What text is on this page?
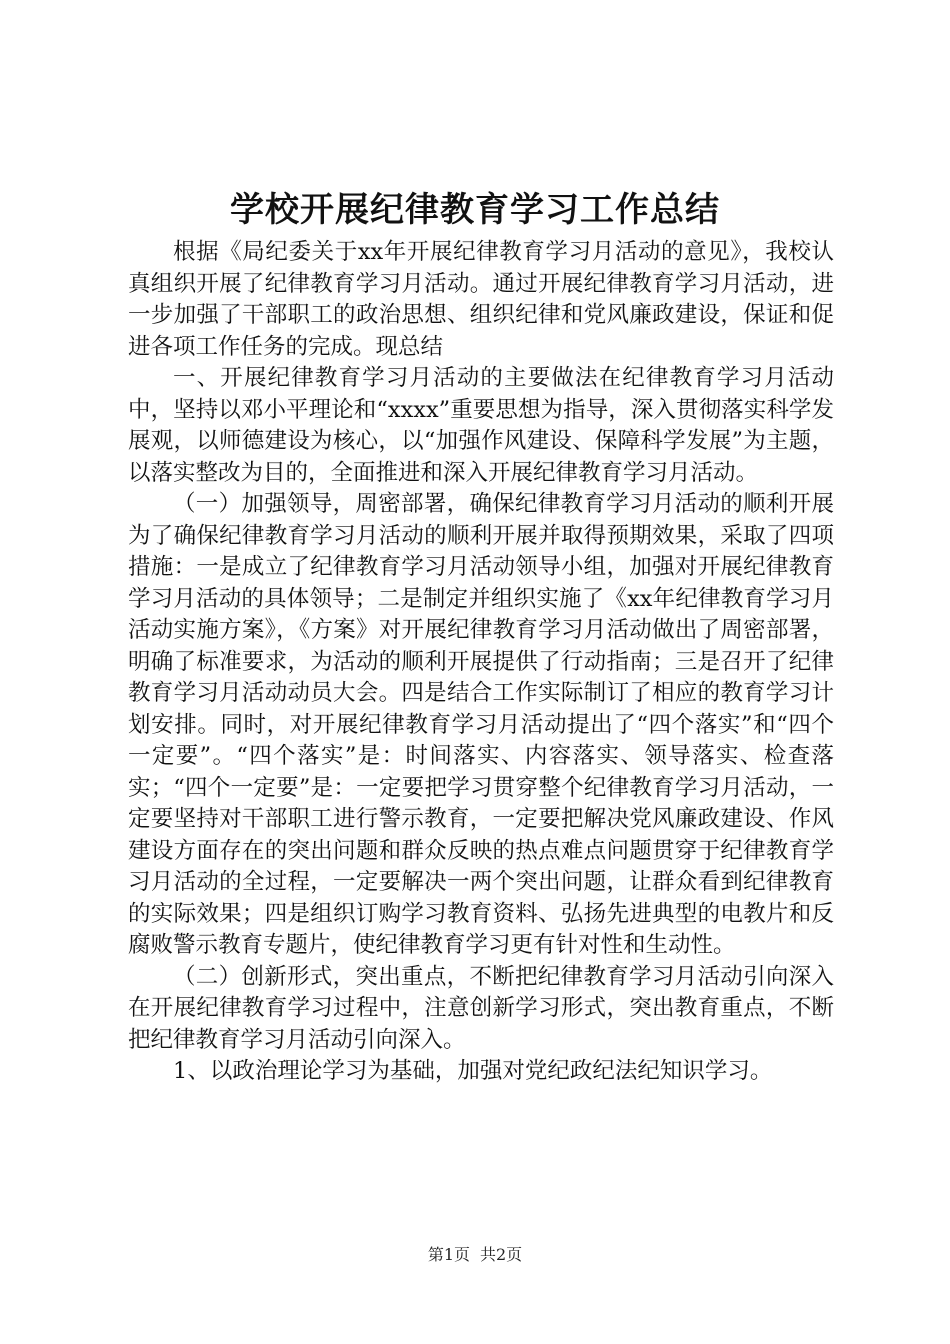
学校开展纪律教育学习工作总结

根据《局纪委关于xx年开展纪律教育学习月活动的意见》，我校认真组织开展了纪律教育学习月活动。通过开展纪律教育学习月活动，进一步加强了干部职工的政治思想、组织纪律和党风廉政建设，保证和促进各项工作任务的完成。现总结

一、开展纪律教育学习月活动的主要做法在纪律教育学习月活动中，坚持以邓小平理论和“xxxx”重要思想为指导，深入贯彻落实科学发展观，以师德建设为核心，以“加强作风建设、保障科学发展”为主题，以落实整改为目的，全面推进和深入开展纪律教育学习月活动。

（一）加强领导，周密部署，确保纪律教育学习月活动的顺利开展为了确保纪律教育学习月活动的顺利开展并取得预期效果，采取了四项措施：一是成立了纪律教育学习月活动领导小组，加强对开展纪律教育学习月活动的具体领导；二是制定并组织实施了《xx年纪律教育学习月活动实施方案》，《方案》对开展纪律教育学习月活动做出了周密部署，明确了标准要求，为活动的顺利开展提供了行动指南；三是召开了纪律教育学习月活动动员大会。四是结合工作实际制订了相应的教育学习计划安排。同时，对开展纪律教育学习月活动提出了“四个落实”和“四个一定要”。“四个落实”是：时间落实、内容落实、领导落实、检查落实；“四个一定要”是：一定要把学习贯穿整个纪律教育学习月活动，一定要坚持对干部职工进行警示教育，一定要把解决党风廉政建设、作风建设方面存在的突出问题和群众反映的热点难点问题贯穿于纪律教育学习月活动的全过程，一定要解决一两个突出问题，让群众看到纪律教育的实际效果；四是组织订购学习教育资料、弘扬先进典型的电教片和反腐败警示教育专题片，使纪律教育学习更有针对性和生动性。

（二）创新形式，突出重点，不断把纪律教育学习月活动引向深入在开展纪律教育学习过程中，注意创新学习形式，突出教育重点，不断把纪律教育学习月活动引向深入。

1、以政治理论学习为基础，加强对党纪政纪法纪知识学习。

第1页 共2页
